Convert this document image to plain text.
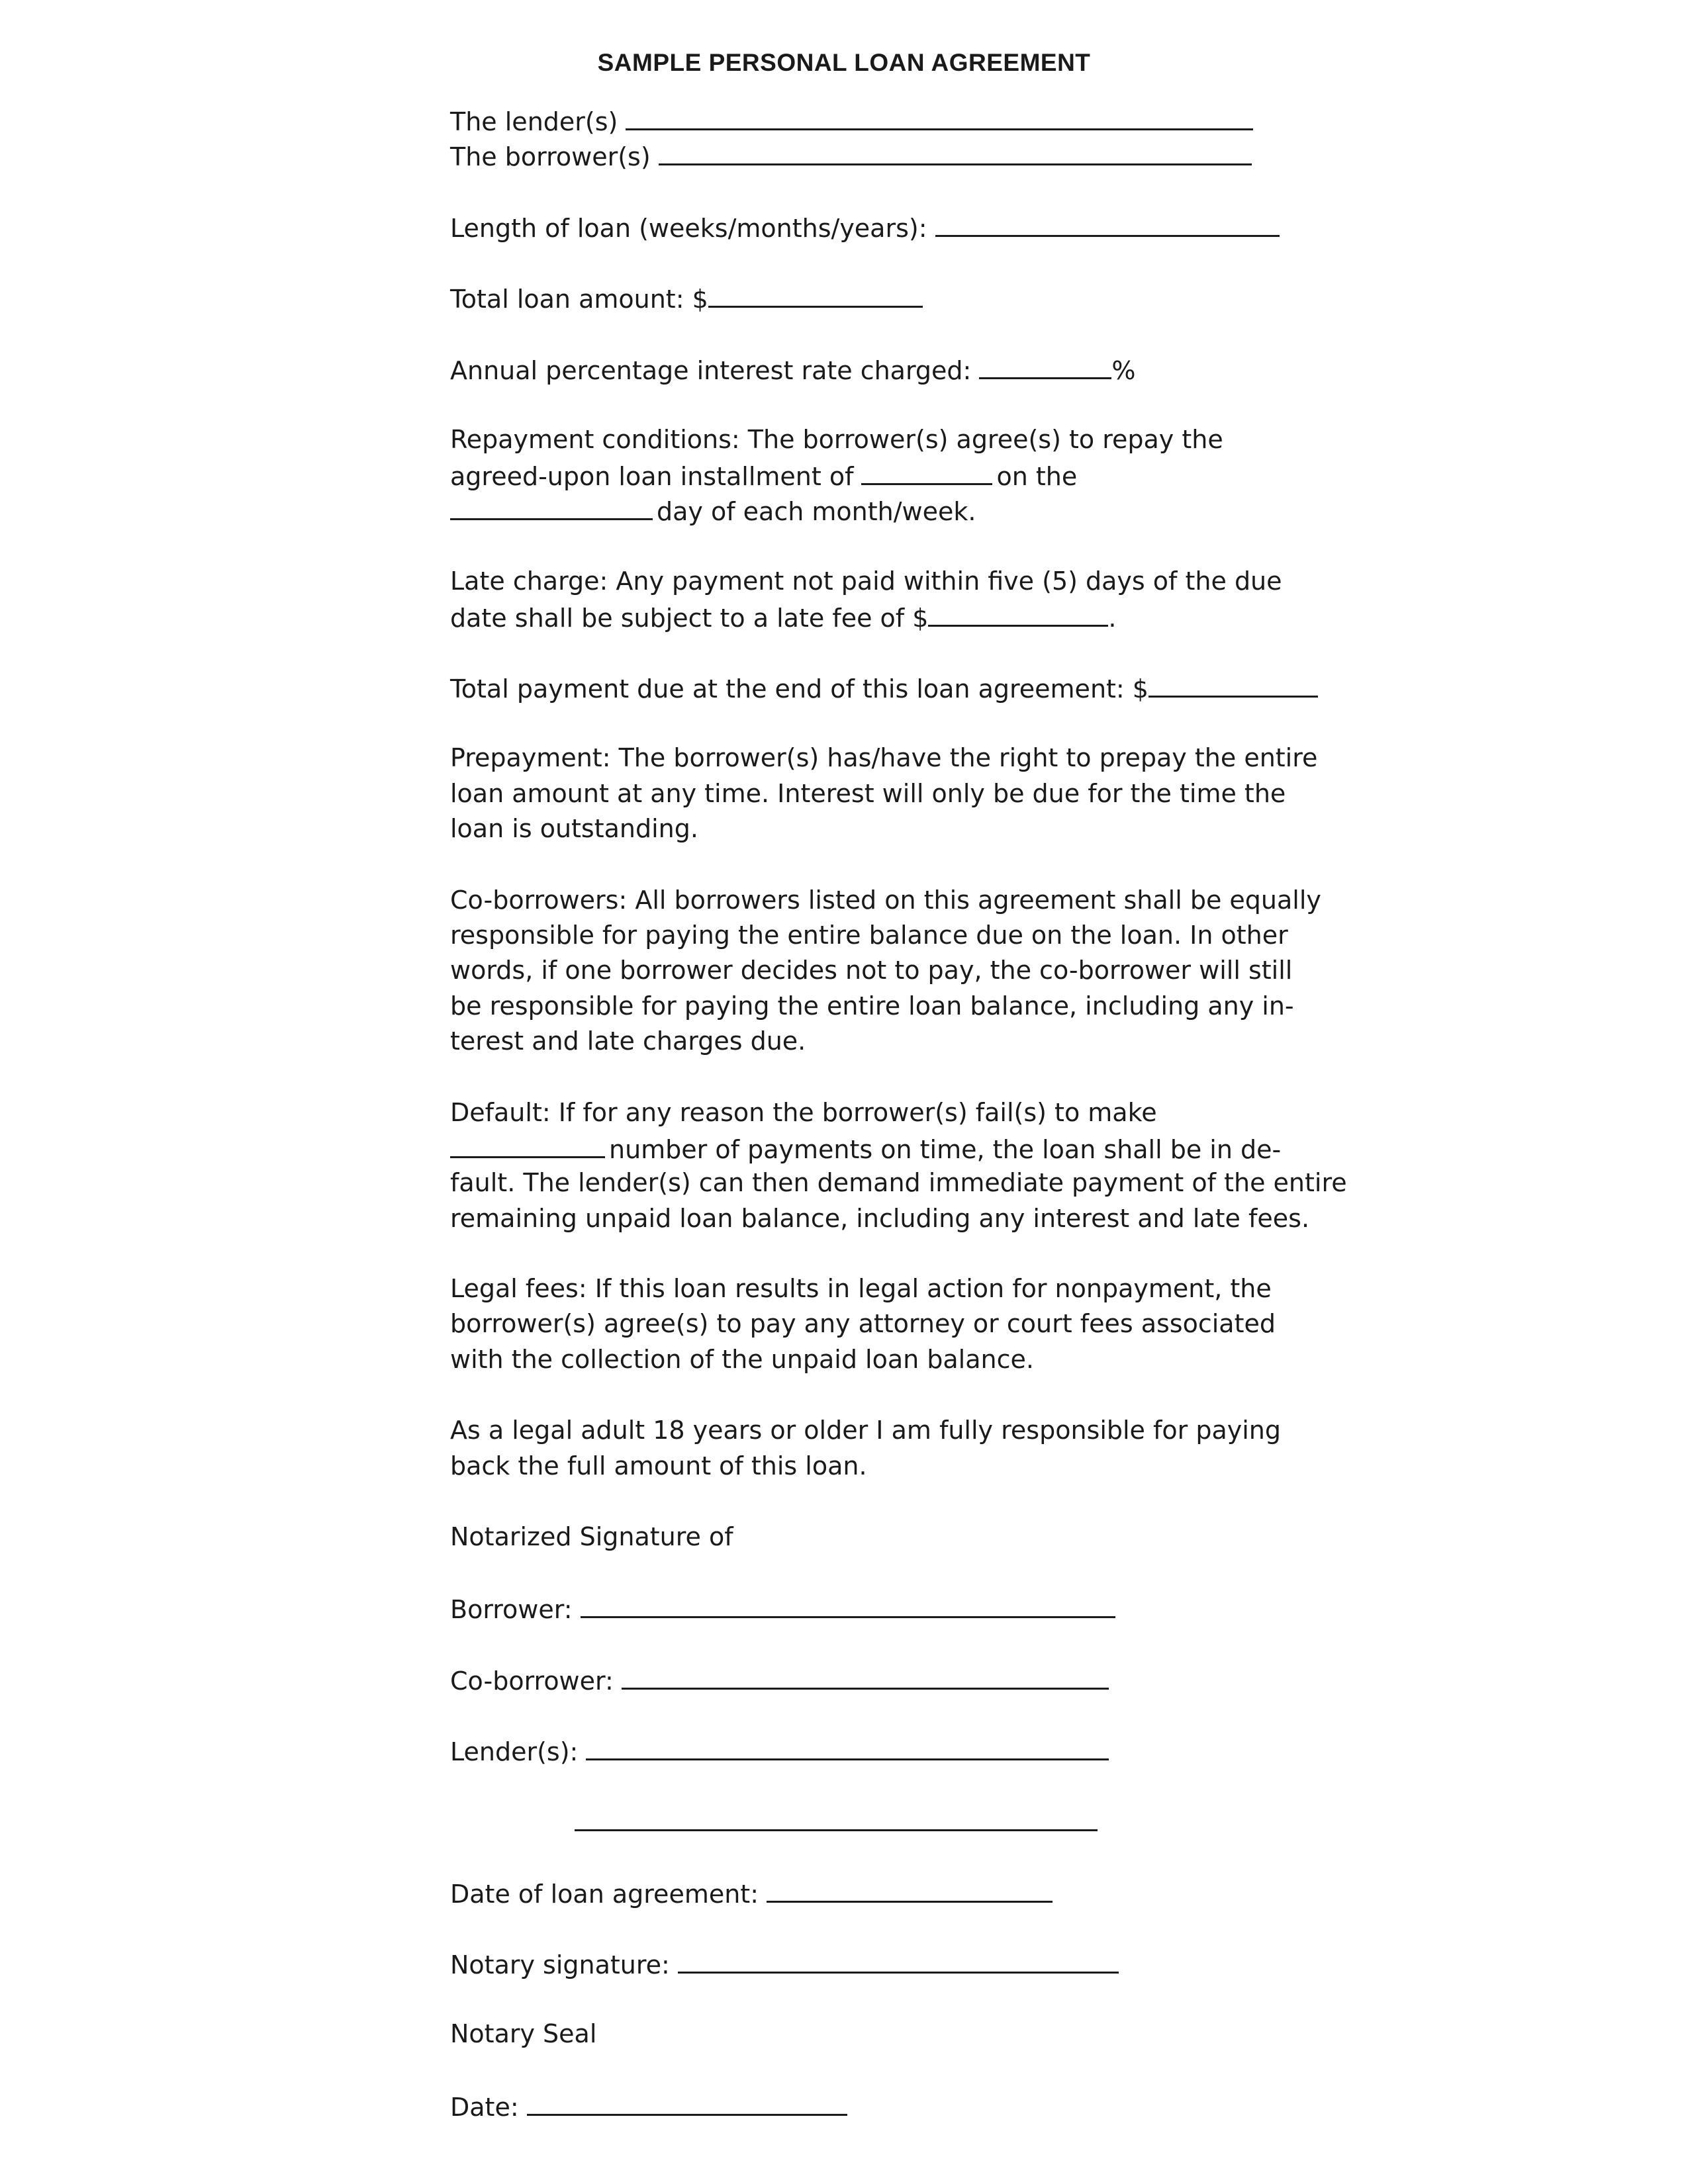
SAMPLE PERSONAL LOAN AGREEMENT
The lender(s)
The borrower(s)
Length of loan (weeks/months/years):
Total loan amount: $
Annual percentage interest rate charged:	%
Repayment conditions: The borrower(s) agree(s) to repay the
agreed-upon loan installment of	on the
day of each month/week.
Late charge: Any payment not paid within five (5) days of the due
date shall be subject to a late fee of $	.
Total payment due at the end of this loan agreement: $
Prepayment: The borrower(s) has/have the right to prepay the entire
loan amount at any time. Interest will only be due for the time the
loan is outstanding.
Co-borrowers: All borrowers listed on this agreement shall be equally
responsible for paying the entire balance due on the loan. In other
words, if one borrower decides not to pay, the co-borrower will still
be responsible for paying the entire loan balance, including any in-
terest and late charges due.
Default: If for any reason the borrower(s) fail(s) to make
number of payments on time, the loan shall be in de-
fault. The lender(s) can then demand immediate payment of the entire
remaining unpaid loan balance, including any interest and late fees.
Legal fees: If this loan results in legal action for nonpayment, the
borrower(s) agree(s) to pay any attorney or court fees associated
with the collection of the unpaid loan balance.
As a legal adult 18 years or older I am fully responsible for paying
back the full amount of this loan.
Notarized Signature of
Borrower:
Co-borrower:
Lender(s):
Date of loan agreement:
Notary signature:
Notary Seal
Date:
